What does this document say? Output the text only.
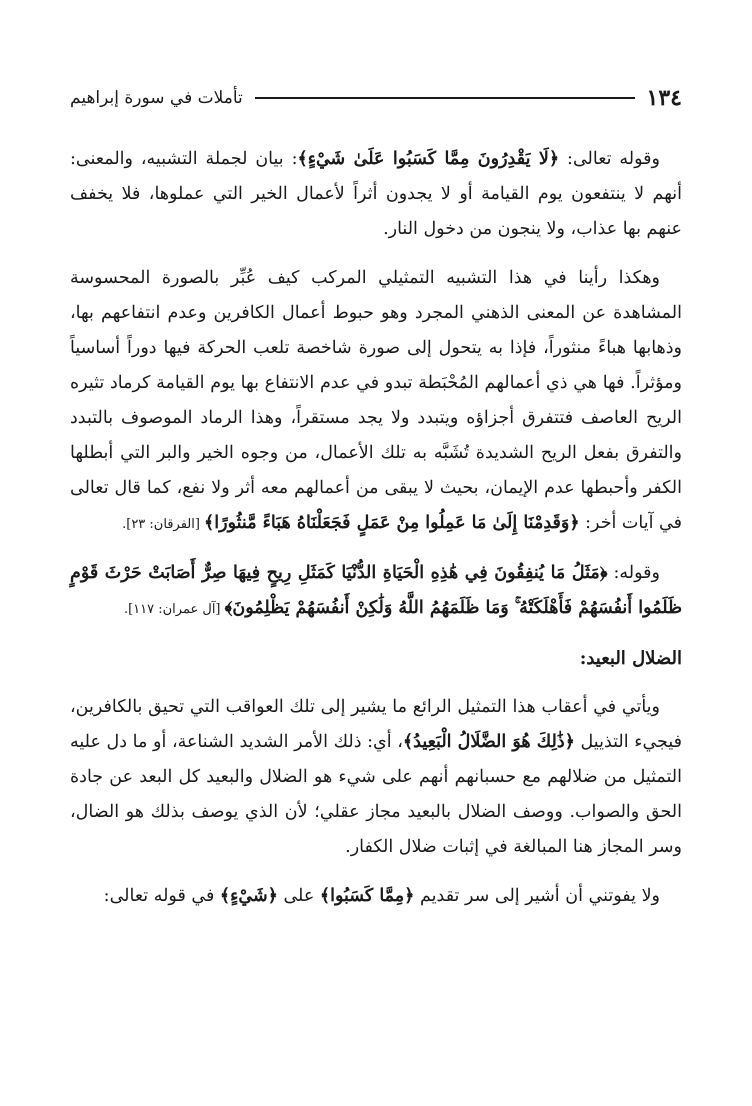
١٣٤
تأملات في سورة إبراهيم

وقوله تعالى: ﴿لَا يَقْدِرُونَ مِمَّا كَسَبُوا عَلَىٰ شَيْءٍ﴾: بيان لجملة التشبيه، والمعنى: أنهم لا ينتفعون يوم القيامة أو لا يجدون أثراً لأعمال الخير التي عملوها، فلا يخفف عنهم بها عذاب، ولا ينجون من دخول النار.

وهكذا رأينا في هذا التشبيه التمثيلي المركب كيف عُبِّر بالصورة المحسوسة المشاهدة عن المعنى الذهني المجرد وهو حبوط أعمال الكافرين وعدم انتفاعهم بها، وذهابها هباءً منثوراً، فإذا به يتحول إلى صورة شاخصة تلعب الحركة فيها دوراً أساسياً ومؤثراً. فها هي ذي أعمالهم المُحْبَطة تبدو في عدم الانتفاع بها يوم القيامة كرماد تثيره الريح العاصف فتتفرق أجزاؤه ويتبدد ولا يجد مستقراً، وهذا الرماد الموصوف بالتبدد والتفرق بفعل الريح الشديدة تُشَبَّه به تلك الأعمال، من وجوه الخير والبر التي أبطلها الكفر وأحبطها عدم الإيمان، بحيث لا يبقى من أعمالهم معه أثر ولا نفع، كما قال تعالى في آيات أخر: ﴿وَقَدِمْنَا إِلَىٰ مَا عَمِلُوا مِنْ عَمَلٍ فَجَعَلْنَاهُ هَبَاءً مَّنثُورًا﴾ [الفرقان: ٢٣].

وقوله: ﴿مَثَلُ مَا يُنفِقُونَ فِي هَٰذِهِ الْحَيَاةِ الدُّنْيَا كَمَثَلِ رِيحٍ فِيهَا صِرٌّ أَصَابَتْ حَرْثَ قَوْمٍ ظَلَمُوا أَنفُسَهُمْ فَأَهْلَكَتْهُ ۚ وَمَا ظَلَمَهُمُ اللَّهُ وَلَٰكِنْ أَنفُسَهُمْ يَظْلِمُونَ﴾ [آل عمران: ١١٧].

الضلال البعيد:

ويأتي في أعقاب هذا التمثيل الرائع ما يشير إلى تلك العواقب التي تحيق بالكافرين، فيجيء التذييل ﴿ذَٰلِكَ هُوَ الضَّلَالُ الْبَعِيدُ﴾، أي: ذلك الأمر الشديد الشناعة، أو ما دل عليه التمثيل من ضلالهم مع حسبانهم أنهم على شيء هو الضلال والبعيد كل البعد عن جادة الحق والصواب. ووصف الضلال بالبعيد مجاز عقلي؛ لأن الذي يوصف بذلك هو الضال، وسر المجاز هنا المبالغة في إثبات ضلال الكفار.

ولا يفوتني أن أشير إلى سر تقديم ﴿مِمَّا كَسَبُوا﴾ على ﴿شَيْءٍ﴾ في قوله تعالى:
